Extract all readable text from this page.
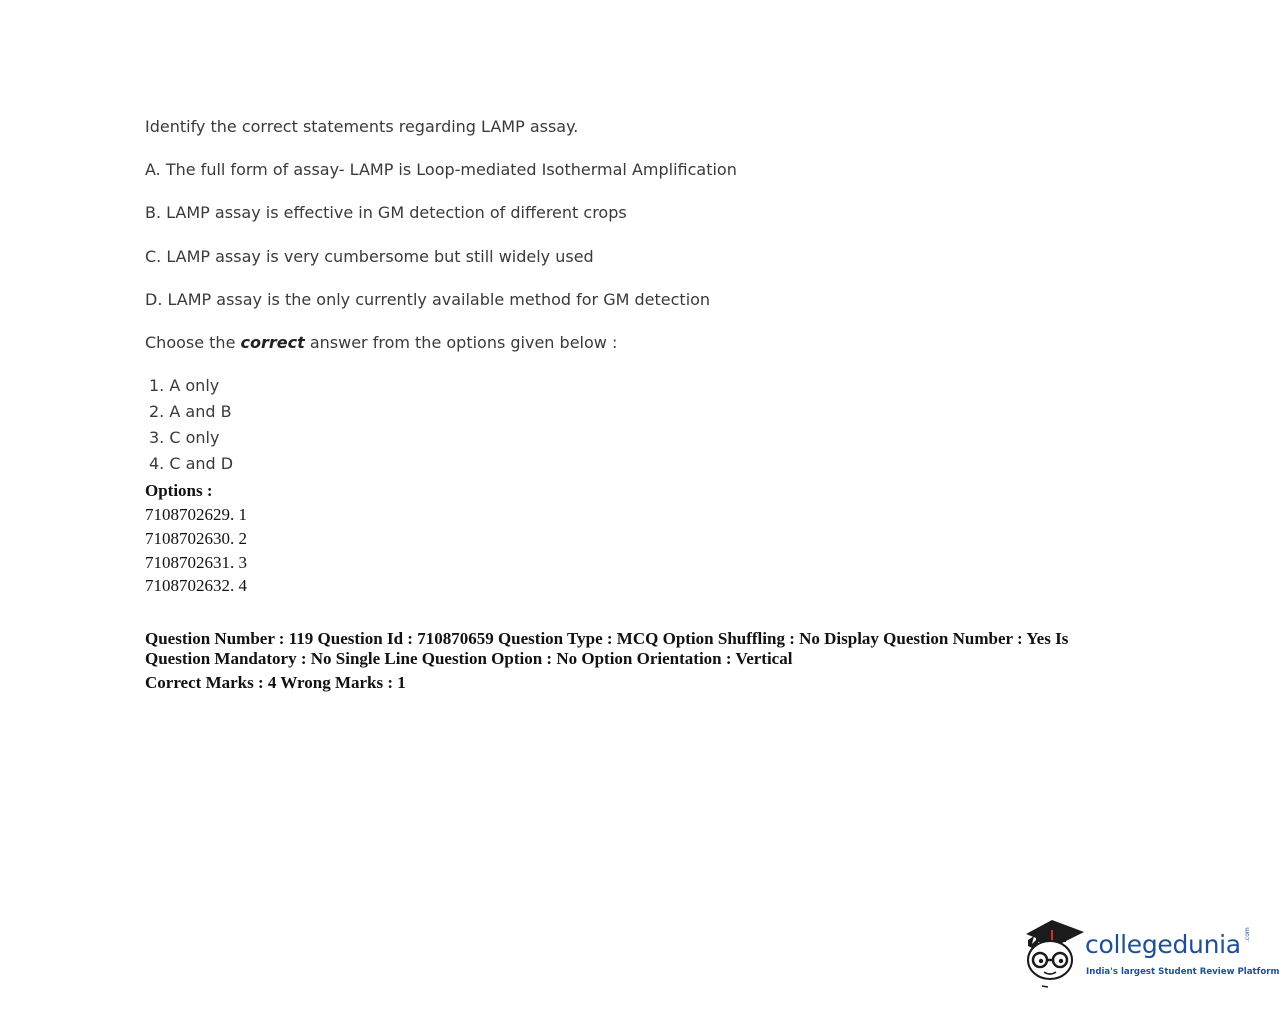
Identify the correct statements regarding LAMP assay.

A. The full form of assay- LAMP is Loop-mediated Isothermal Amplification

B. LAMP assay is effective in GM detection of different crops

C. LAMP assay is very cumbersome but still widely used

D. LAMP assay is the only currently available method for GM detection

Choose the correct answer from the options given below :

1. A only
2. A and B
3. C only
4. C and D
Options :
7108702629. 1
7108702630. 2
7108702631. 3
7108702632. 4
Question Number : 119 Question Id : 710870659 Question Type : MCQ Option Shuffling : No Display Question Number : Yes Is
Question Mandatory : No Single Line Question Option : No Option Orientation : Vertical
Correct Marks : 4 Wrong Marks : 1
collegedunia .com
India's largest Student Review Platform
